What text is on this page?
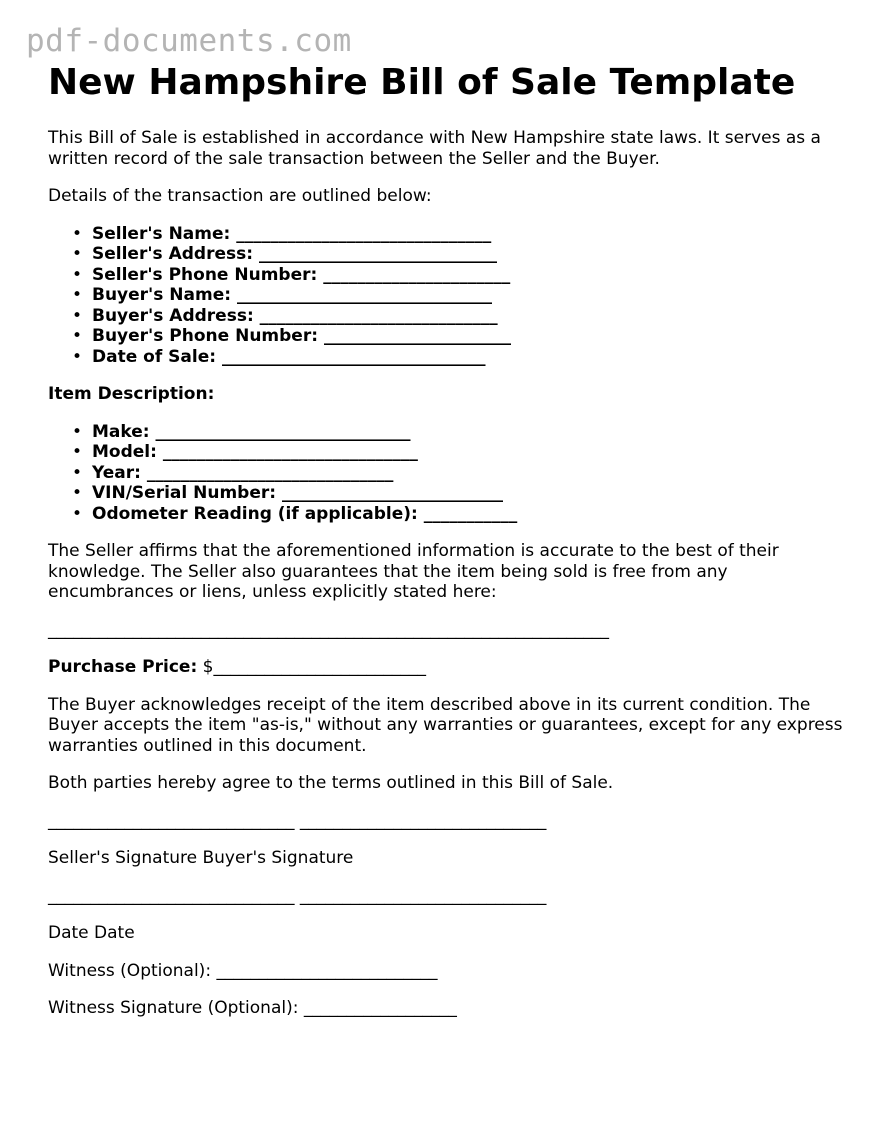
pdf-documents.com
New Hampshire Bill of Sale Template

This Bill of Sale is established in accordance with New Hampshire state laws. It serves as a written record of the sale transaction between the Seller and the Buyer.

Details of the transaction are outlined below:

• Seller's Name: ______________________________
• Seller's Address: ____________________________
• Seller's Phone Number: ______________________
• Buyer's Name: ______________________________
• Buyer's Address: ____________________________
• Buyer's Phone Number: ______________________
• Date of Sale: _______________________________

Item Description:

• Make: ______________________________
• Model: ______________________________
• Year: _____________________________
• VIN/Serial Number: __________________________
• Odometer Reading (if applicable): ___________

The Seller affirms that the aforementioned information is accurate to the best of their knowledge. The Seller also guarantees that the item being sold is free from any encumbrances or liens, unless explicitly stated here:

__________________________________________________________________

Purchase Price: $_________________________

The Buyer acknowledges receipt of the item described above in its current condition. The Buyer accepts the item "as-is," without any warranties or guarantees, except for any express warranties outlined in this document.

Both parties hereby agree to the terms outlined in this Bill of Sale.

_____________________________ _____________________________

Seller's Signature Buyer's Signature

_____________________________ _____________________________

Date Date

Witness (Optional): __________________________

Witness Signature (Optional): __________________
